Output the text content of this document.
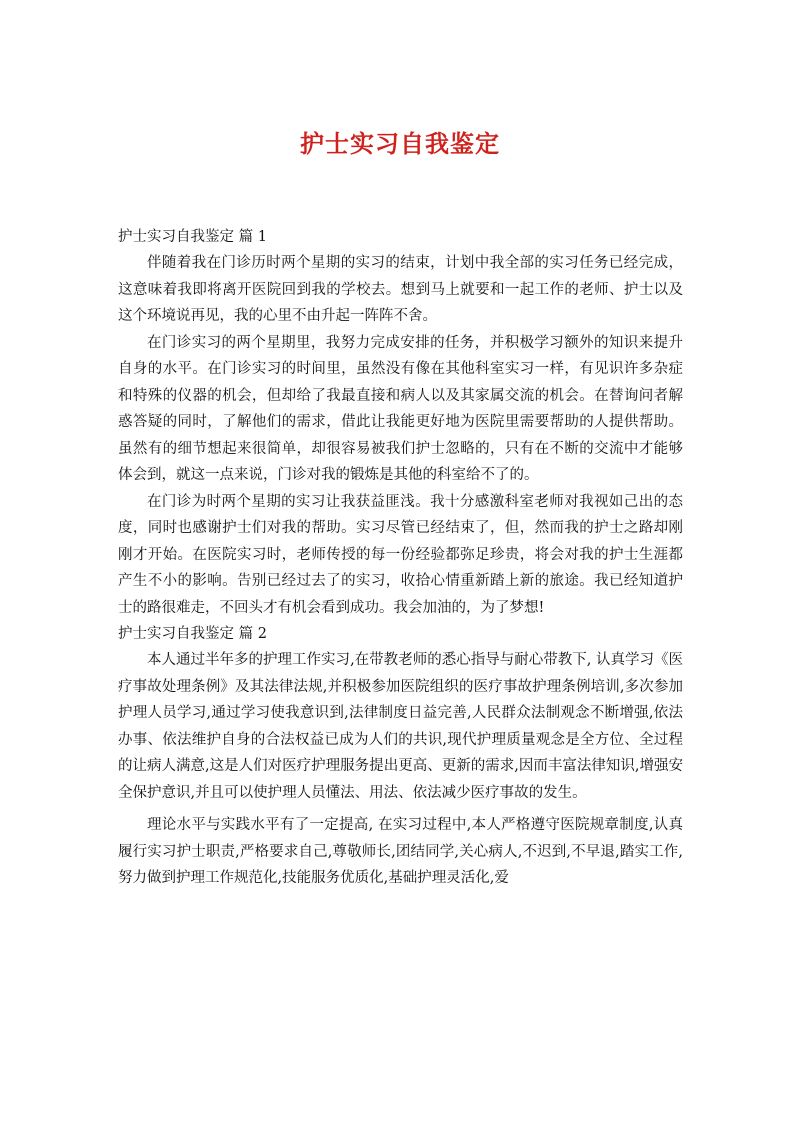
护士实习自我鉴定
护士实习自我鉴定 篇 1

伴随着我在门诊历时两个星期的实习的结束，计划中我全部的实习任务已经完成，这意味着我即将离开医院回到我的学校去。想到马上就要和一起工作的老师、护士以及这个环境说再见，我的心里不由升起一阵阵不舍。

在门诊实习的两个星期里，我努力完成安排的任务，并积极学习额外的知识来提升自身的水平。在门诊实习的时间里，虽然没有像在其他科室实习一样，有见识许多杂症和特殊的仪器的机会，但却给了我最直接和病人以及其家属交流的机会。在替询问者解惑答疑的同时，了解他们的需求，借此让我能更好地为医院里需要帮助的人提供帮助。虽然有的细节想起来很简单，却很容易被我们护士忽略的，只有在不断的交流中才能够体会到，就这一点来说，门诊对我的锻炼是其他的科室给不了的。

在门诊为时两个星期的实习让我获益匪浅。我十分感激科室老师对我视如己出的态度，同时也感谢护士们对我的帮助。实习尽管已经结束了，但，然而我的护士之路却刚刚才开始。在医院实习时，老师传授的每一份经验都弥足珍贵，将会对我的护士生涯都产生不小的影响。告别已经过去了的实习，收拾心情重新踏上新的旅途。我已经知道护士的路很难走，不回头才有机会看到成功。我会加油的，为了梦想!

护士实习自我鉴定 篇 2

本人通过半年多的护理工作实习,在带教老师的悉心指导与耐心带教下, 认真学习《医疗事故处理条例》及其法律法规,并积极参加医院组织的医疗事故护理条例培训,多次参加护理人员学习,通过学习使我意识到,法律制度日益完善,人民群众法制观念不断增强,依法办事、依法维护自身的合法权益已成为人们的共识,现代护理质量观念是全方位、全过程的让病人满意,这是人们对医疗护理服务提出更高、更新的需求,因而丰富法律知识,增强安全保护意识,并且可以使护理人员懂法、用法、依法减少医疗事故的发生。

理论水平与实践水平有了一定提高, 在实习过程中,本人严格遵守医院规章制度,认真履行实习护士职责,严格要求自己,尊敬师长,团结同学,关心病人,不迟到,不早退,踏实工作,努力做到护理工作规范化,技能服务优质化,基础护理灵活化,爱
